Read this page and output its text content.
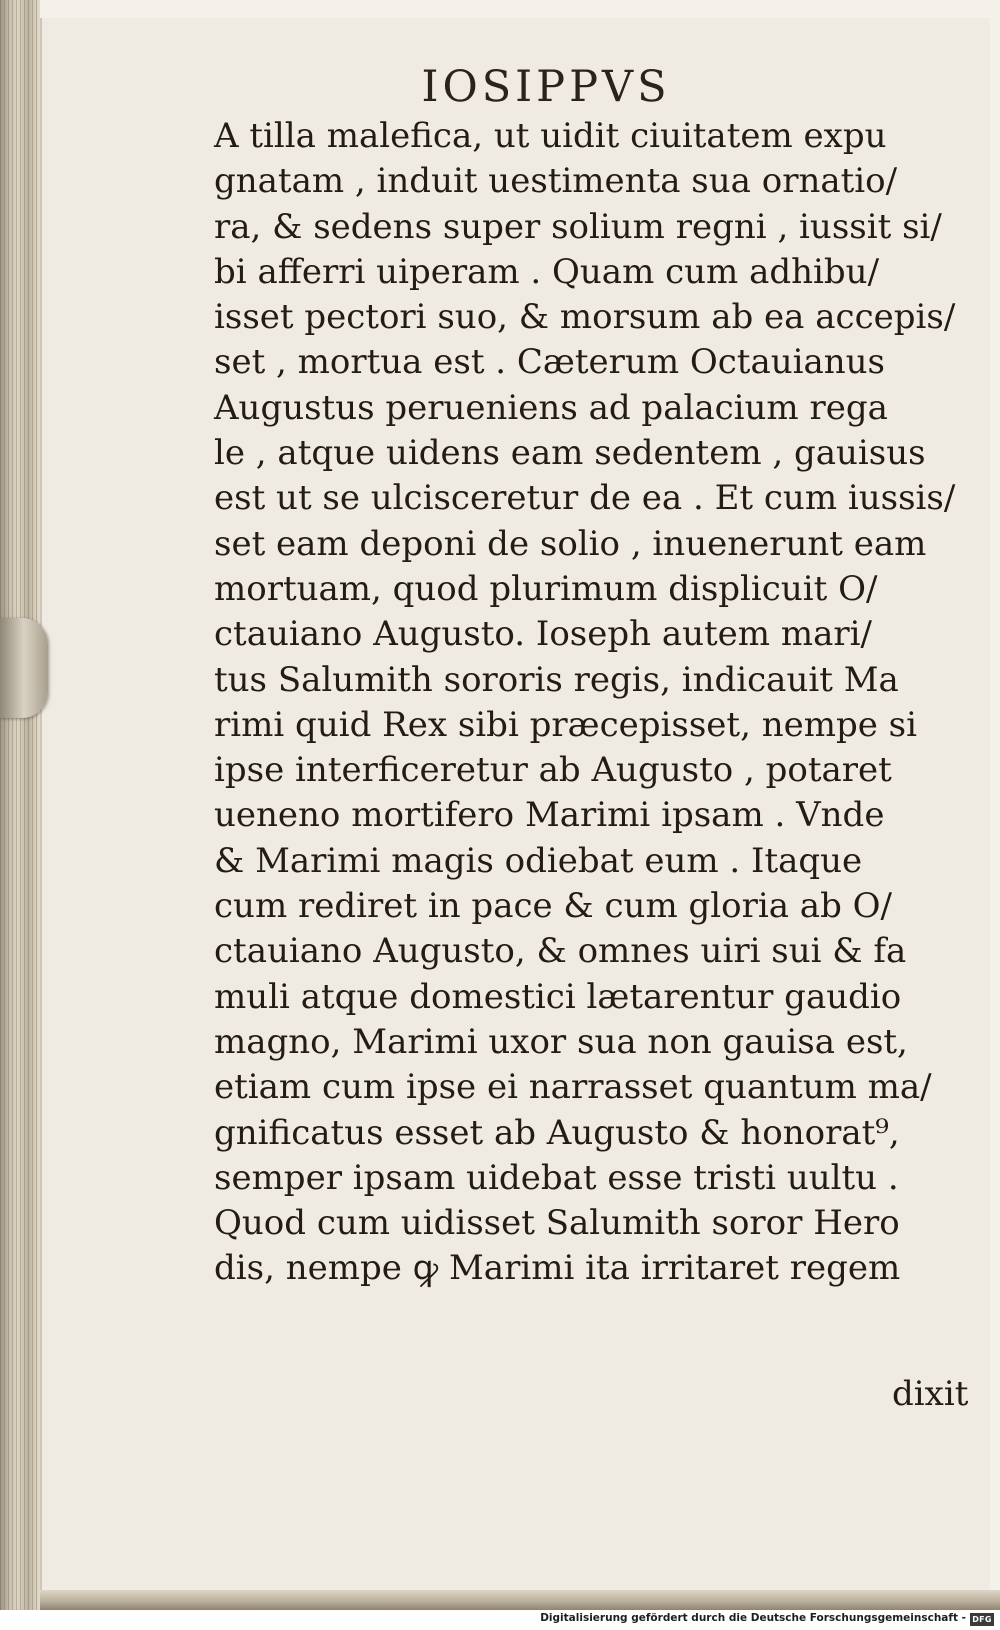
IOSIPPVS
A tilla malefica, ut uidit ciuitatem expu
gnatam , induit uestimenta sua ornatio/
ra, & sedens super solium regni , iussit si/
bi afferri uiperam . Quam cum adhibu/
isset pectori suo, & morsum ab ea accepis/
set , mortua est . Cæterum Octauianus
Augustus perueniens ad palacium rega
le , atque uidens eam sedentem , gauisus
est ut se ulcisceretur de ea . Et cum iussis/
set eam deponi de solio , inuenerunt eam
mortuam, quod plurimum displicuit O/
ctauiano Augusto. Ioseph autem mari/
tus Salumith sororis regis, indicauit Ma
rimi quid Rex sibi præcepisset, nempe si
ipse interficeretur ab Augusto , potaret
ueneno mortifero Marimi ipsam . Vnde
& Marimi magis odiebat eum . Itaque
cum rediret in pace & cum gloria ab O/
ctauiano Augusto, & omnes uiri sui & fa
muli atque domestici lætarentur gaudio
magno, Marimi uxor sua non gauisa est,
etiam cum ipse ei narrasset quantum ma/
gnificatus esset ab Augusto & honorat⁹,
semper ipsam uidebat esse tristi uultu .
Quod cum uidisset Salumith soror Hero
dis, nempe ꝙ Marimi ita irritaret regem
dixit
Digitalisierung gefördert durch die Deutsche Forschungsgemeinschaft - DFG
